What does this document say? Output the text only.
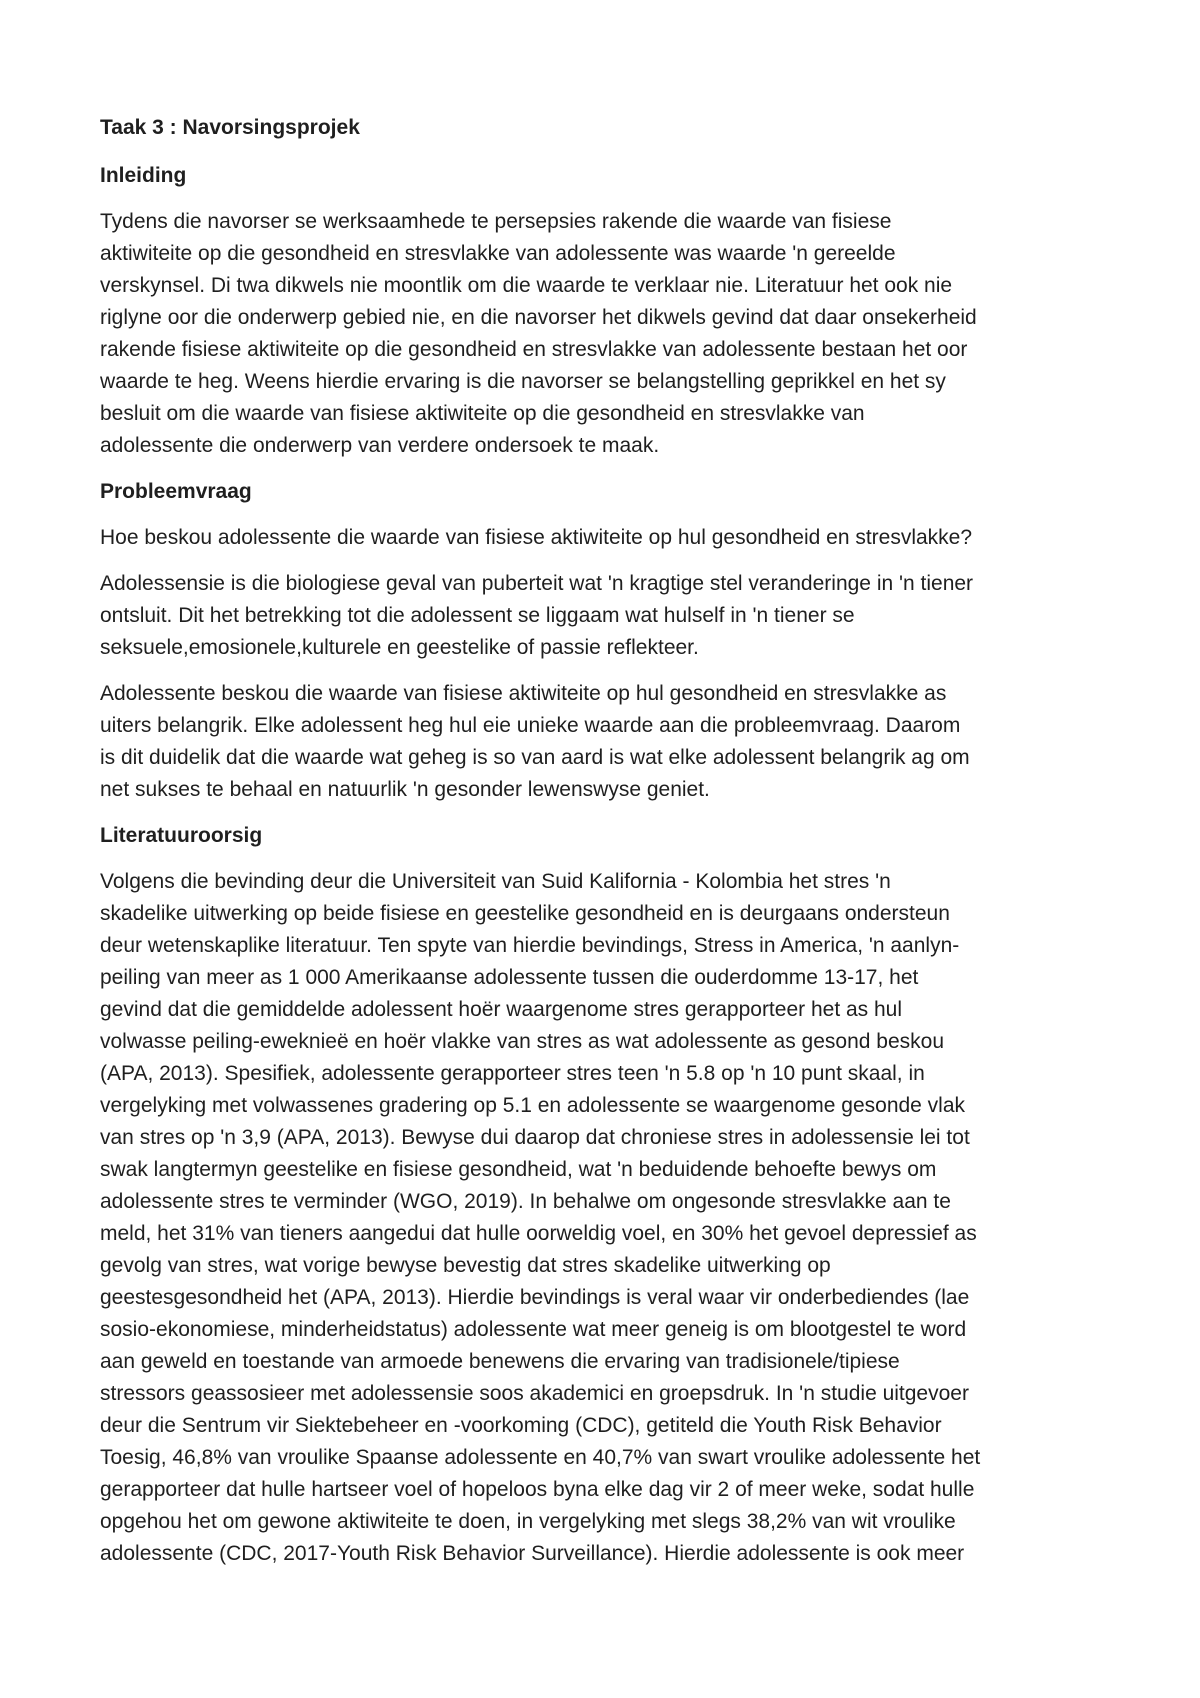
Taak 3 : Navorsingsprojek
Inleiding
Tydens die navorser se werksaamhede te persepsies rakende die waarde van fisiese
aktiwiteite op die gesondheid en stresvlakke van adolessente was waarde 'n gereelde
verskynsel. Di twa dikwels nie moontlik om die waarde te verklaar nie. Literatuur het ook nie
riglyne oor die onderwerp gebied nie, en die navorser het dikwels gevind dat daar onsekerheid
rakende fisiese aktiwiteite op die gesondheid en stresvlakke van adolessente bestaan het oor
waarde te heg. Weens hierdie ervaring is die navorser se belangstelling geprikkel en het sy
besluit om die waarde van fisiese aktiwiteite op die gesondheid en stresvlakke van
adolessente die onderwerp van verdere ondersoek te maak.
Probleemvraag
Hoe beskou adolessente die waarde van fisiese aktiwiteite op hul gesondheid en stresvlakke?
Adolessensie is die biologiese geval van puberteit wat 'n kragtige stel veranderinge in 'n tiener
ontsluit. Dit het betrekking tot die adolessent se liggaam wat hulself in 'n tiener se
seksuele,emosionele,kulturele en geestelike of passie reflekteer.
Adolessente beskou die waarde van fisiese aktiwiteite op hul gesondheid en stresvlakke as
uiters belangrik. Elke adolessent heg hul eie unieke waarde aan die probleemvraag. Daarom
is dit duidelik dat die waarde wat geheg is so van aard is wat elke adolessent belangrik ag om
net sukses te behaal en natuurlik 'n gesonder lewenswyse geniet.
Literatuuroorsig
Volgens die bevinding deur die Universiteit van Suid Kalifornia - Kolombia het stres 'n
skadelike uitwerking op beide fisiese en geestelike gesondheid en is deurgaans ondersteun
deur wetenskaplike literatuur. Ten spyte van hierdie bevindings, Stress in America, 'n aanlyn-
peiling van meer as 1 000 Amerikaanse adolessente tussen die ouderdomme 13-17, het
gevind dat die gemiddelde adolessent hoër waargenome stres gerapporteer het as hul
volwasse peiling-eweknieë en hoër vlakke van stres as wat adolessente as gesond beskou
(APA, 2013). Spesifiek, adolessente gerapporteer stres teen 'n 5.8 op 'n 10 punt skaal, in
vergelyking met volwassenes gradering op 5.1 en adolessente se waargenome gesonde vlak
van stres op 'n 3,9 (APA, 2013). Bewyse dui daarop dat chroniese stres in adolessensie lei tot
swak langtermyn geestelike en fisiese gesondheid, wat 'n beduidende behoefte bewys om
adolessente stres te verminder (WGO, 2019). In behalwe om ongesonde stresvlakke aan te
meld, het 31% van tieners aangedui dat hulle oorweldig voel, en 30% het gevoel depressief as
gevolg van stres, wat vorige bewyse bevestig dat stres skadelike uitwerking op
geestesgesondheid het (APA, 2013). Hierdie bevindings is veral waar vir onderbediendes (lae
sosio-ekonomiese, minderheidstatus) adolessente wat meer geneig is om blootgestel te word
aan geweld en toestande van armoede benewens die ervaring van tradisionele/tipiese
stressors geassosieer met adolessensie soos akademici en groepsdruk. In 'n studie uitgevoer
deur die Sentrum vir Siektebeheer en -voorkoming (CDC), getiteld die Youth Risk Behavior
Toesig, 46,8% van vroulike Spaanse adolessente en 40,7% van swart vroulike adolessente het
gerapporteer dat hulle hartseer voel of hopeloos byna elke dag vir 2 of meer weke, sodat hulle
opgehou het om gewone aktiwiteite te doen, in vergelyking met slegs 38,2% van wit vroulike
adolessente (CDC, 2017-Youth Risk Behavior Surveillance). Hierdie adolessente is ook meer
